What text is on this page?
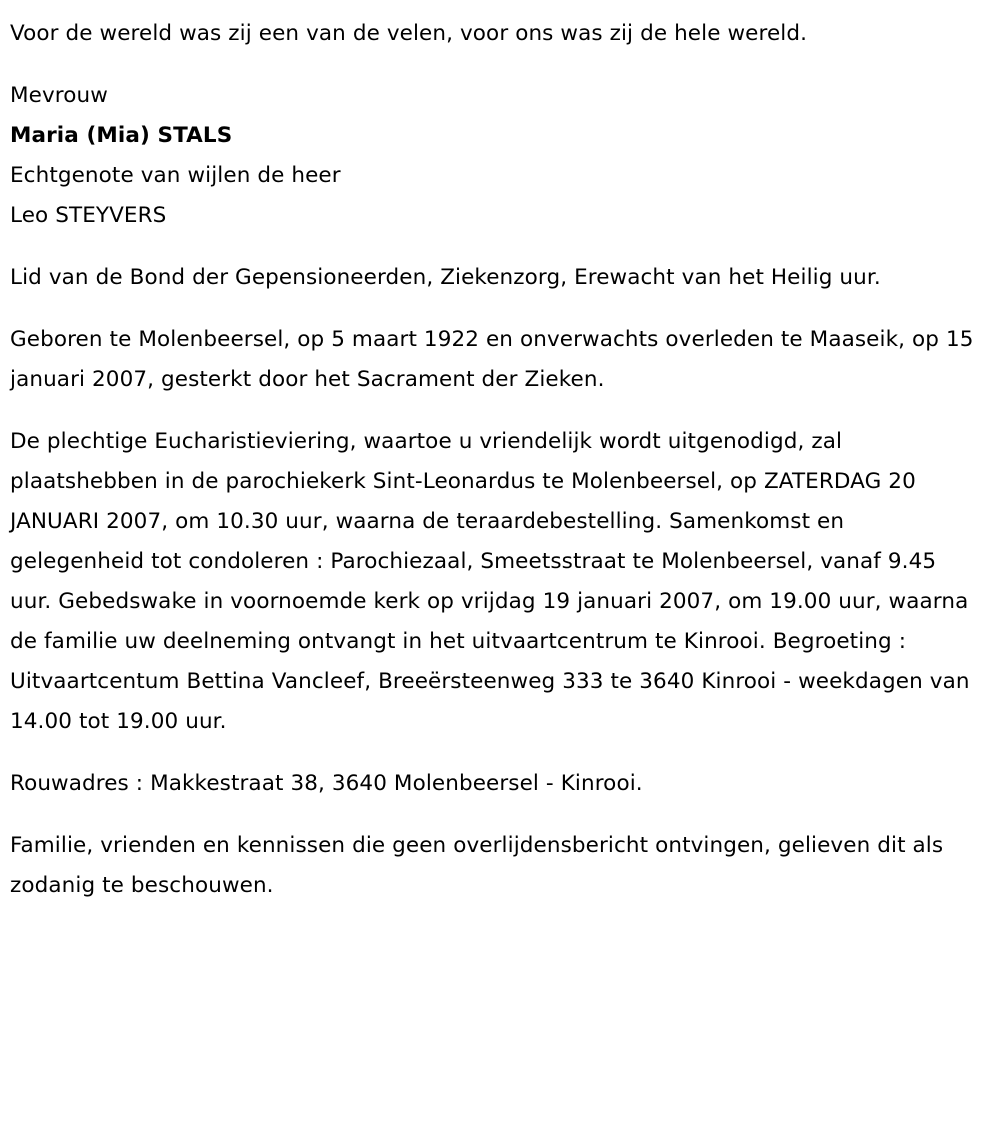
Voor de wereld was zij een van de velen, voor ons was zij de hele wereld.

Mevrouw

Maria (Mia) STALS

Echtgenote van wijlen de heer

Leo STEYVERS

Lid van de Bond der Gepensioneerden, Ziekenzorg, Erewacht van het Heilig uur.

Geboren te Molenbeersel, op 5 maart 1922 en onverwachts overleden te Maaseik, op 15 januari 2007, gesterkt door het Sacrament der Zieken.

De plechtige Eucharistieviering, waartoe u vriendelijk wordt uitgenodigd, zal plaatshebben in de parochiekerk Sint-Leonardus te Molenbeersel, op ZATERDAG 20 JANUARI 2007, om 10.30 uur, waarna de teraardebestelling. Samenkomst en gelegenheid tot condoleren : Parochiezaal, Smeetsstraat te Molenbeersel, vanaf 9.45 uur. Gebedswake in voornoemde kerk op vrijdag 19 januari 2007, om 19.00 uur, waarna de familie uw deelneming ontvangt in het uitvaartcentrum te Kinrooi. Begroeting : Uitvaartcentum Bettina Vancleef, Breeërsteenweg 333 te 3640 Kinrooi - weekdagen van 14.00 tot 19.00 uur.

Rouwadres : Makkestraat 38, 3640 Molenbeersel - Kinrooi.

Familie, vrienden en kennissen die geen overlijdensbericht ontvingen, gelieven dit als zodanig te beschouwen.
